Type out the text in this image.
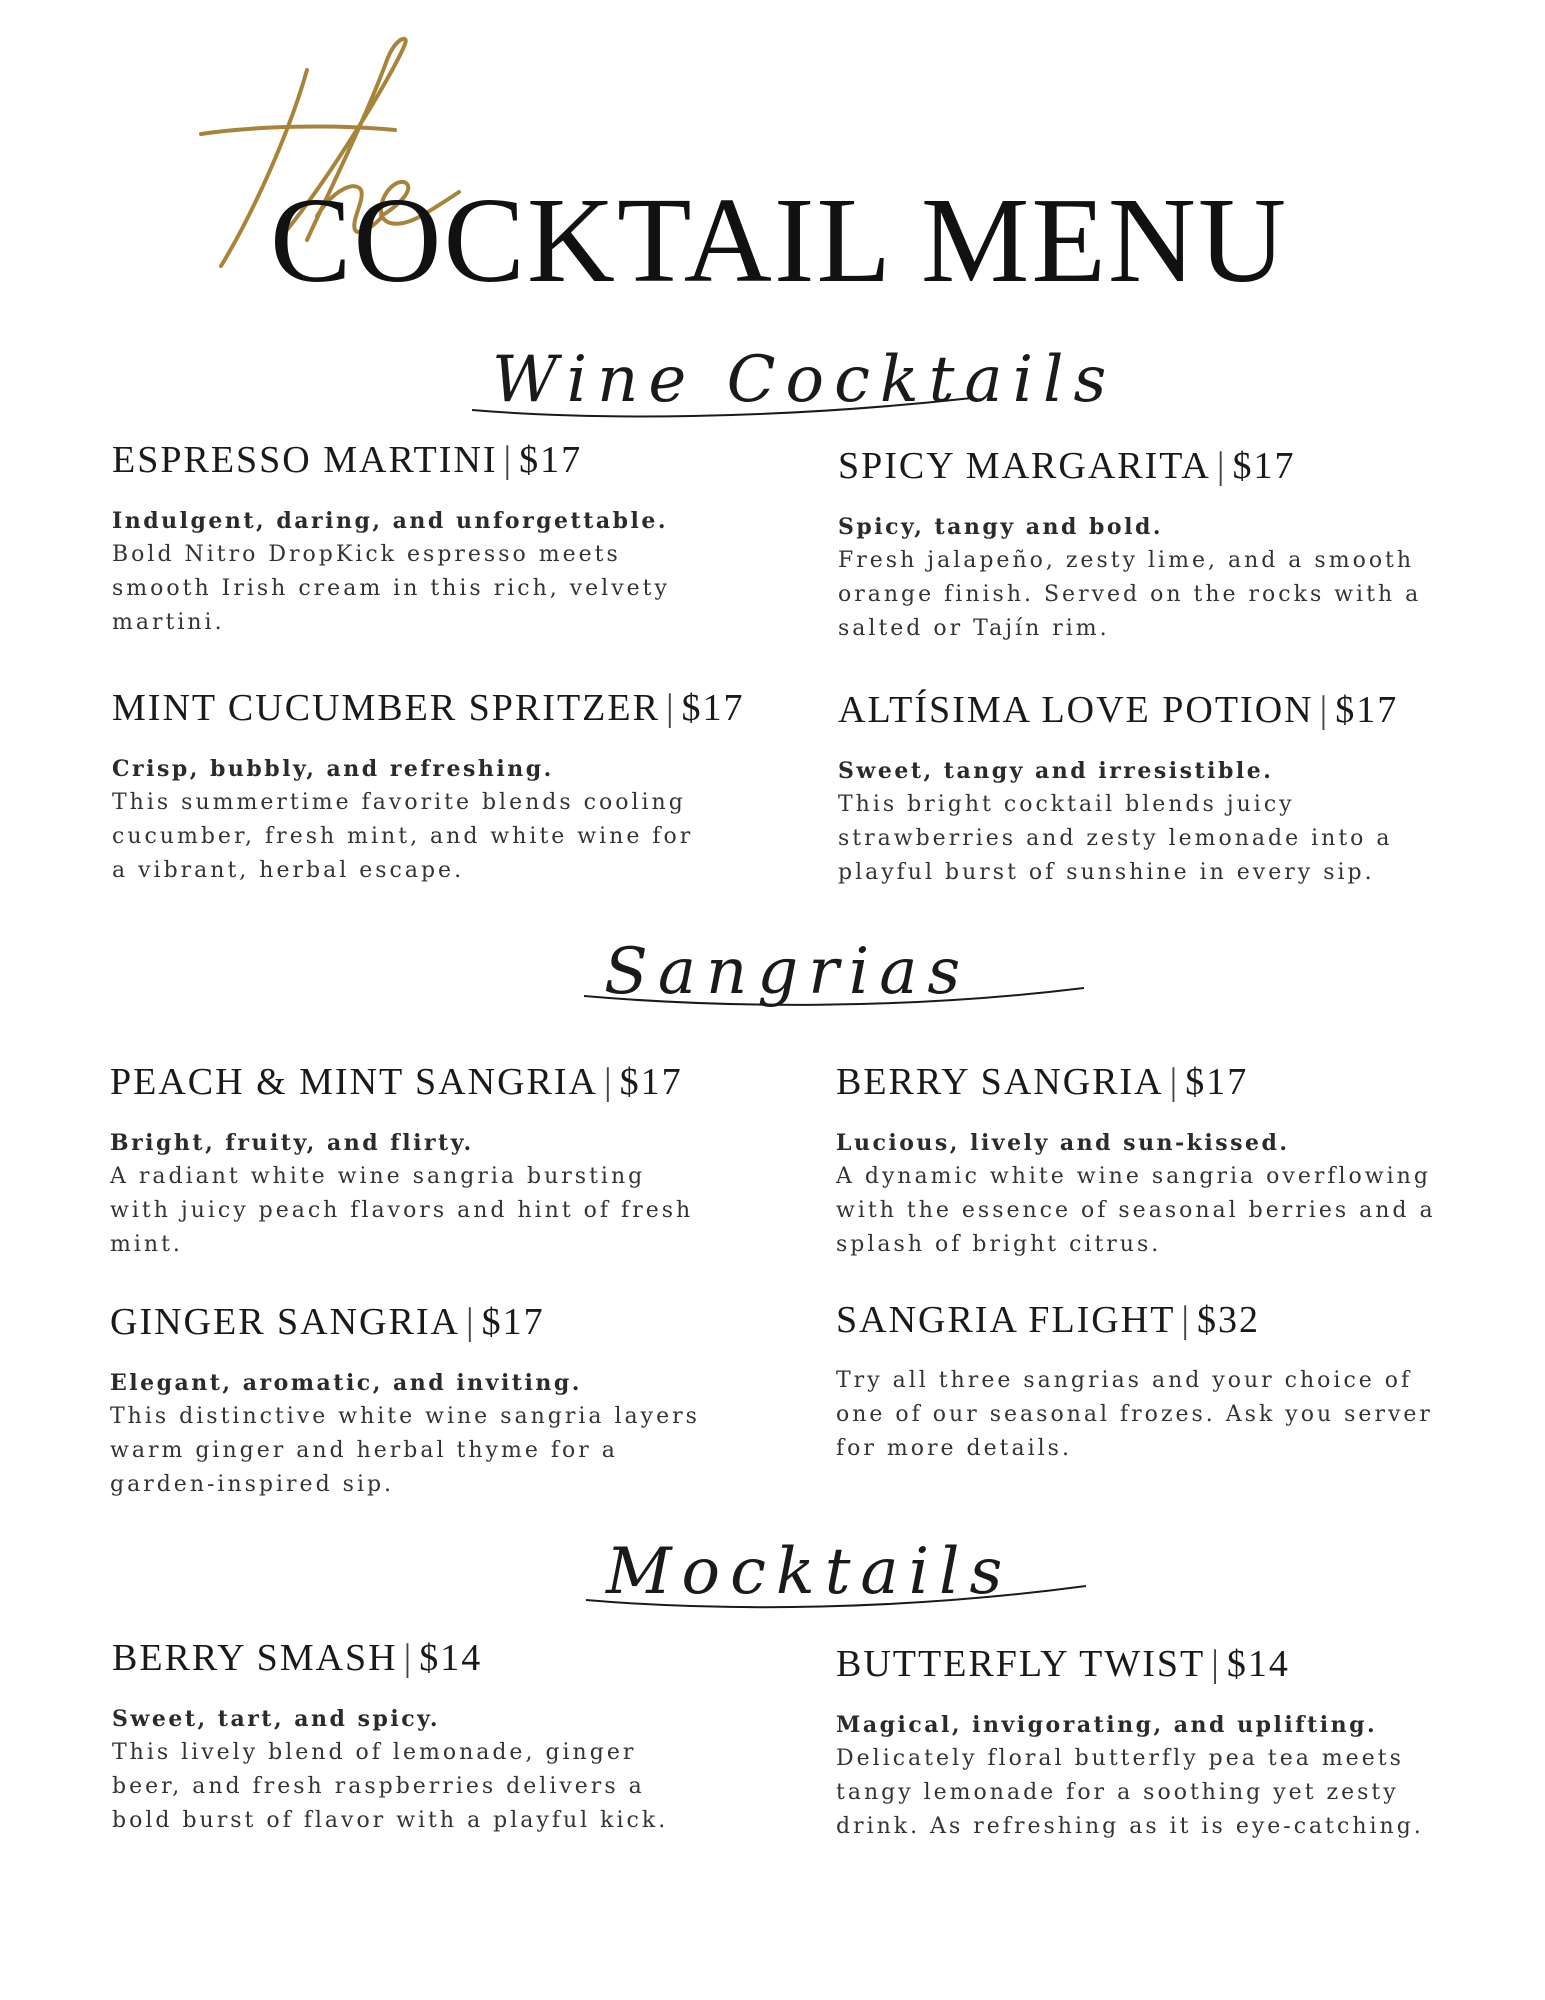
COCKTAIL MENU
Wine Cocktails
ESPRESSO MARTINI | $17
Indulgent, daring, and unforgettable.

Bold Nitro DropKick espresso meets smooth Irish cream in this rich, velvety martini.

SPICY MARGARITA | $17
Spicy, tangy and bold.

Fresh jalapeño, zesty lime, and a smooth orange finish. Served on the rocks with a salted or Tajín rim.

MINT CUCUMBER SPRITZER | $17
Crisp, bubbly, and refreshing.

This summertime favorite blends cooling cucumber, fresh mint, and white wine for a vibrant, herbal escape.

ALTÍSIMA LOVE POTION | $17
Sweet, tangy and irresistible.

This bright cocktail blends juicy strawberries and zesty lemonade into a playful burst of sunshine in every sip.

Sangrias
PEACH & MINT SANGRIA | $17
Bright, fruity, and flirty.

A radiant white wine sangria bursting with juicy peach flavors and hint of fresh mint.

BERRY SANGRIA | $17
Lucious, lively and sun-kissed.

A dynamic white wine sangria overflowing with the essence of seasonal berries and a splash of bright citrus.

GINGER SANGRIA | $17
Elegant, aromatic, and inviting.

This distinctive white wine sangria layers warm ginger and herbal thyme for a garden-inspired sip.

SANGRIA FLIGHT | $32

Try all three sangrias and your choice of one of our seasonal frozes. Ask you server for more details.

Mocktails
BERRY SMASH | $14
Sweet, tart, and spicy.

This lively blend of lemonade, ginger beer, and fresh raspberries delivers a bold burst of flavor with a playful kick.

BUTTERFLY TWIST | $14
Magical, invigorating, and uplifting.

Delicately floral butterfly pea tea meets tangy lemonade for a soothing yet zesty drink. As refreshing as it is eye-catching.
